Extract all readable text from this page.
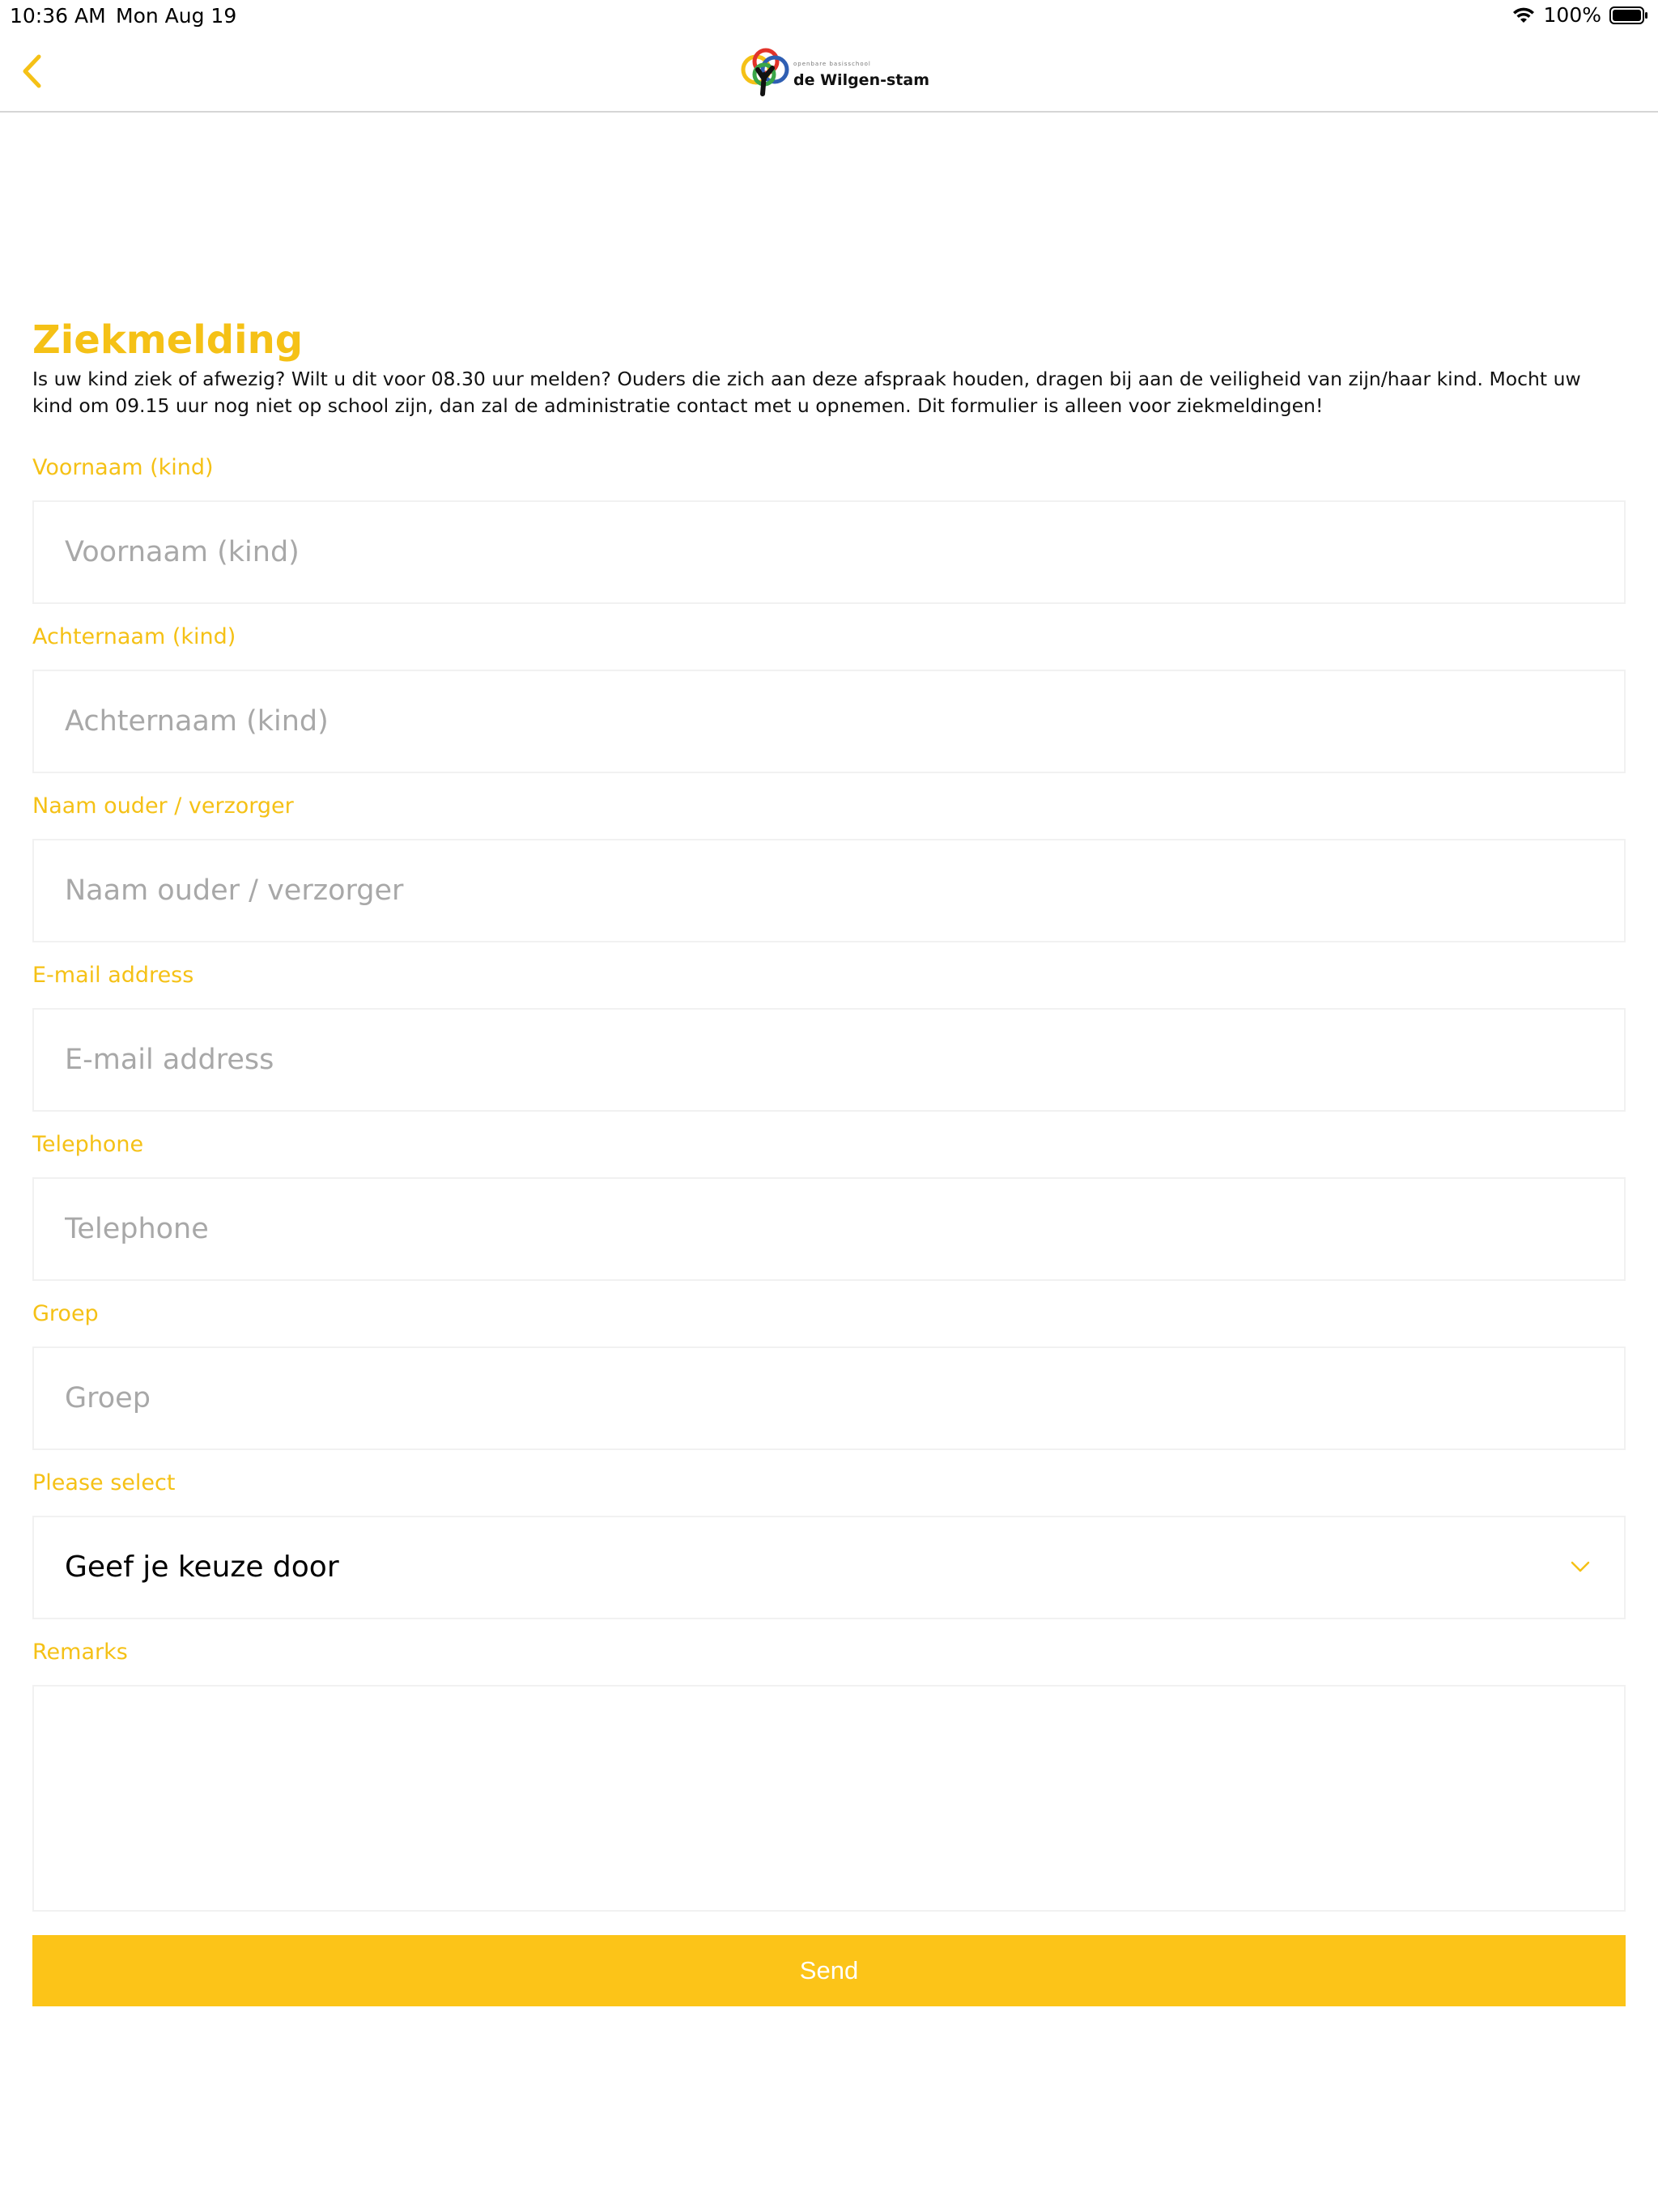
10:36 AM Mon Aug 19	100%
openbare basisschool
de Wilgen-stam
Ziekmelding
Is uw kind ziek of afwezig? Wilt u dit voor 08.30 uur melden? Ouders die zich aan deze afspraak houden, dragen bij aan de veiligheid van zijn/haar kind. Mocht uw kind om 09.15 uur nog niet op school zijn, dan zal de administratie contact met u opnemen. Dit formulier is alleen voor ziekmeldingen!
Voornaam (kind)
Voornaam (kind)
Achternaam (kind)
Achternaam (kind)
Naam ouder / verzorger
Naam ouder / verzorger
E-mail address
E-mail address
Telephone
Telephone
Groep
Groep
Please select
Geef je keuze door
Remarks
Send
